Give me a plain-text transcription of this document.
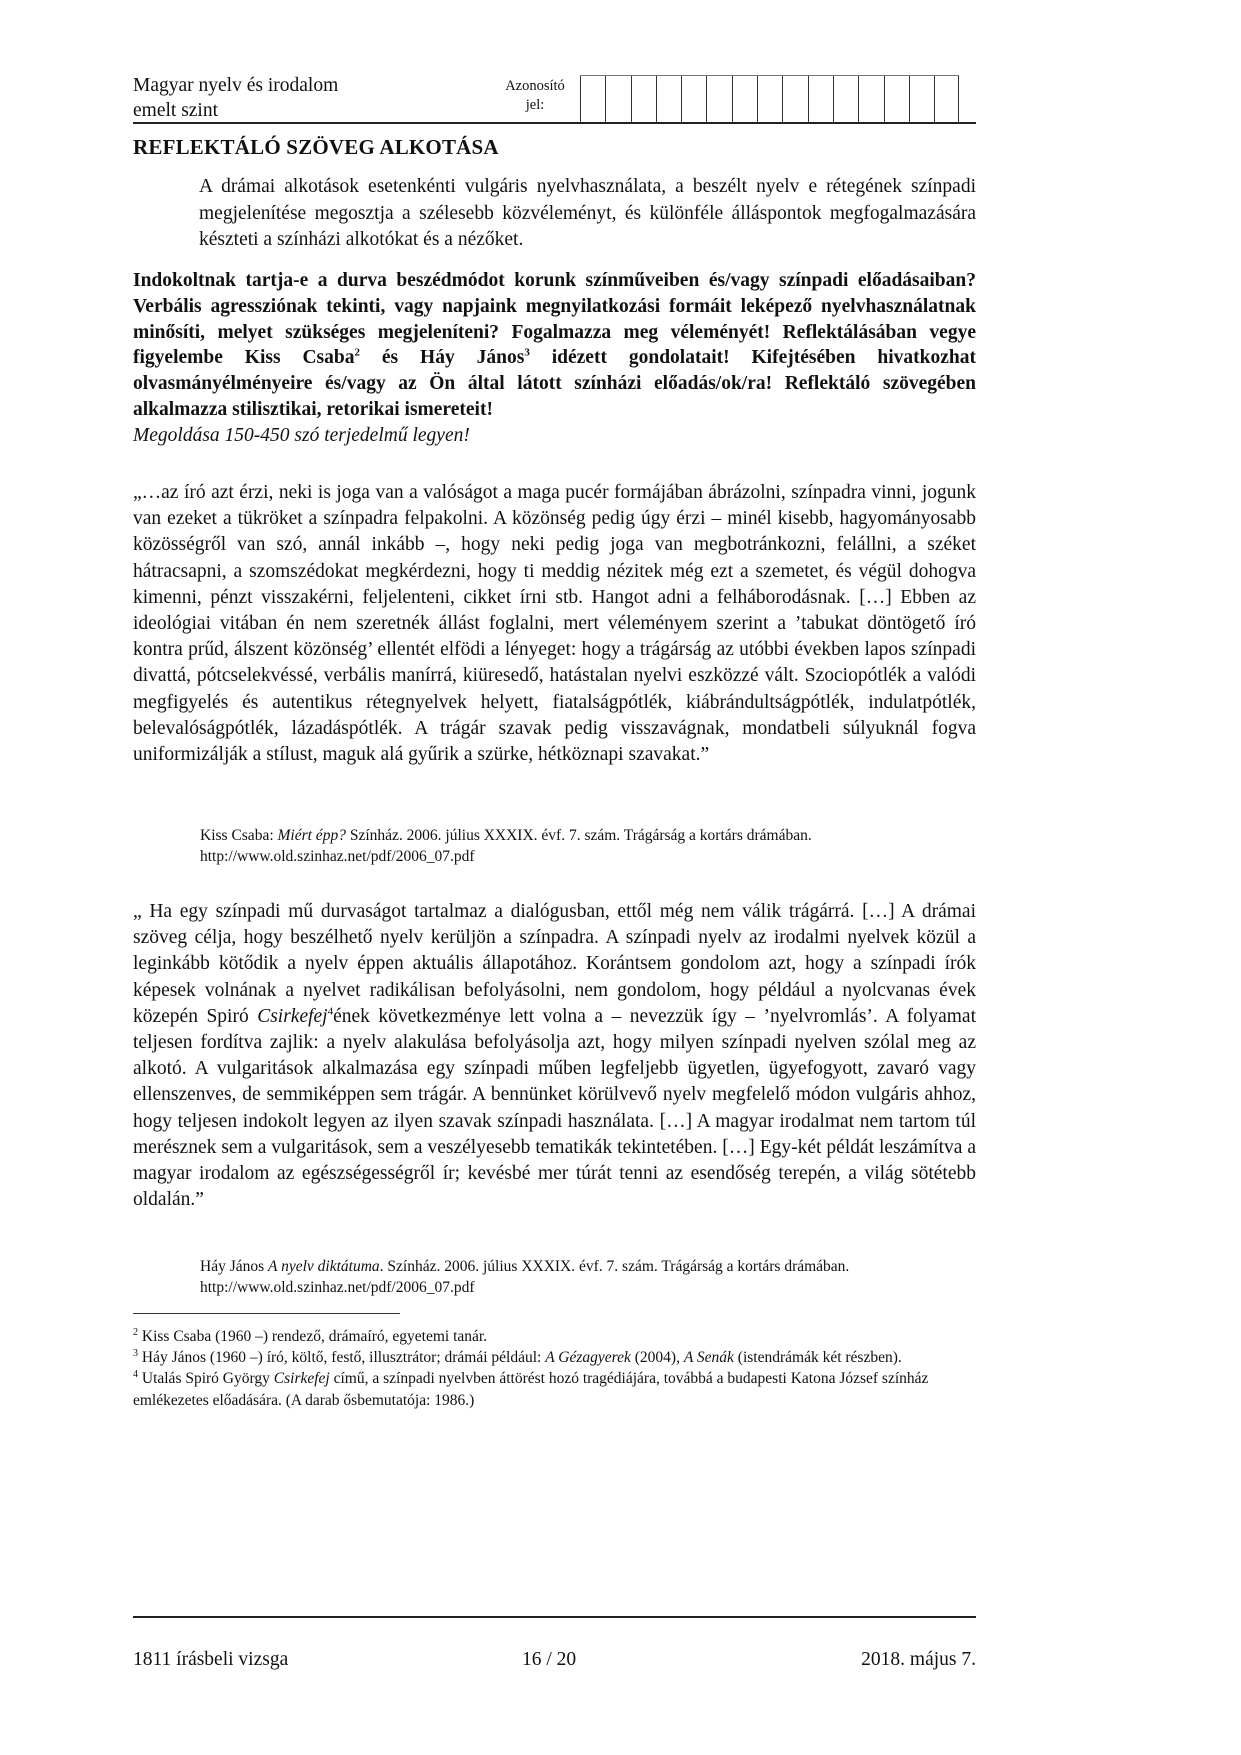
Magyar nyelv és irodalom
emelt szint
Azonosító
jel:
REFLEKTÁLÓ SZÖVEG ALKOTÁSA
A drámai alkotások esetenkénti vulgáris nyelvhasználata, a beszélt nyelv e rétegének színpadi megjelenítése megosztja a szélesebb közvéleményt, és különféle álláspontok megfogalmazására készteti a színházi alkotókat és a nézőket.
Indokoltnak tartja-e a durva beszédmódot korunk színműveiben és/vagy színpadi előadásaiban? Verbális agressziónak tekinti, vagy napjaink megnyilatkozási formáit leképező nyelvhasználatnak minősíti, melyet szükséges megjeleníteni? Fogalmazza meg véleményét! Reflektálásában vegye figyelembe Kiss Csaba$^2$ és Háy János$^3$ idézett gondolatait! Kifejtésében hivatkozhat olvasmányélményeire és/vagy az Ön által látott színházi előadás/ok/ra! Reflektáló szövegében alkalmazza stilisztikai, retorikai ismereteit!
Megoldása 150-450 szó terjedelmű legyen!
„…az író azt érzi, neki is joga van a valóságot a maga pucér formájában ábrázolni, színpadra vinni, jogunk van ezeket a tükröket a színpadra felpakolni. A közönség pedig úgy érzi – minél kisebb, hagyományosabb közösségről van szó, annál inkább –, hogy neki pedig joga van megbotránkozni, felállni, a széket hátracsapni, a szomszédokat megkérdezni, hogy ti meddig nézitek még ezt a szemetet, és végül dohogva kimenni, pénzt visszakérni, feljelenteni, cikket írni stb. Hangot adni a felháborodásnak. […] Ebben az ideológiai vitában én nem szeretnék állást foglalni, mert véleményem szerint a ’tabukat döntögető író kontra prűd, álszent közönség’ ellentét elfödi a lényeget: hogy a trágárság az utóbbi években lapos színpadi divattá, pótcselekvéssé, verbális manírrá, kiüresedő, hatástalan nyelvi eszközzé vált. Szociopótlék a valódi megfigyelés és autentikus rétegnyelvek helyett, fiatalságpótlék, kiábrándultságpótlék, indulatpótlék, belevalóságpótlék, lázadáspótlék. A trágár szavak pedig visszavágnak, mondatbeli súlyuknál fogva uniformizálják a stílust, maguk alá gyűrik a szürke, hétköznapi szavakat.”
Kiss Csaba: Miért épp? Színház. 2006. július XXXIX. évf. 7. szám. Trágárság a kortárs drámában.
http://www.old.szinhaz.net/pdf/2006_07.pdf
„ Ha egy színpadi mű durvaságot tartalmaz a dialógusban, ettől még nem válik trágárrá. […] A drámai szöveg célja, hogy beszélhető nyelv kerüljön a színpadra. A színpadi nyelv az irodalmi nyelvek közül a leginkább kötődik a nyelv éppen aktuális állapotához. Korántsem gondolom azt, hogy a színpadi írók képesek volnának a nyelvet radikálisan befolyásolni, nem gondolom, hogy például a nyolcvanas évek közepén Spiró Csirkefej$^4$ének következménye lett volna a – nevezzük így – ’nyelvromlás’. A folyamat teljesen fordítva zajlik: a nyelv alakulása befolyásolja azt, hogy milyen színpadi nyelven szólal meg az alkotó. A vulgaritások alkalmazása egy színpadi műben legfeljebb ügyetlen, ügyefogyott, zavaró vagy ellenszenves, de semmiképpen sem trágár. A bennünket körülvevő nyelv megfelelő módon vulgáris ahhoz, hogy teljesen indokolt legyen az ilyen szavak színpadi használata. […] A magyar irodalmat nem tartom túl merésznek sem a vulgaritások, sem a veszélyesebb tematikák tekintetében. […] Egy-két példát leszámítva a magyar irodalom az egészségességről ír; kevésbé mer túrát tenni az esendőség terepén, a világ sötétebb oldalán.”
Háy János A nyelv diktátuma. Színház. 2006. július XXXIX. évf. 7. szám. Trágárság a kortárs drámában.
http://www.old.szinhaz.net/pdf/2006_07.pdf

$^2$ Kiss Csaba (1960 –) rendező, drámaíró, egyetemi tanár.

$^3$ Háy János (1960 –) író, költő, festő, illusztrátor; drámái például: A Gézagyerek (2004), A Senák (istendrámák két részben).

$^4$ Utalás Spiró György Csirkefej című, a színpadi nyelvben áttörést hozó tragédiájára, továbbá a budapesti Katona József színház emlékezetes előadására. (A darab ősbemutatója: 1986.)

1811 írásbeli vizsga	16 / 20	2018. május 7.
